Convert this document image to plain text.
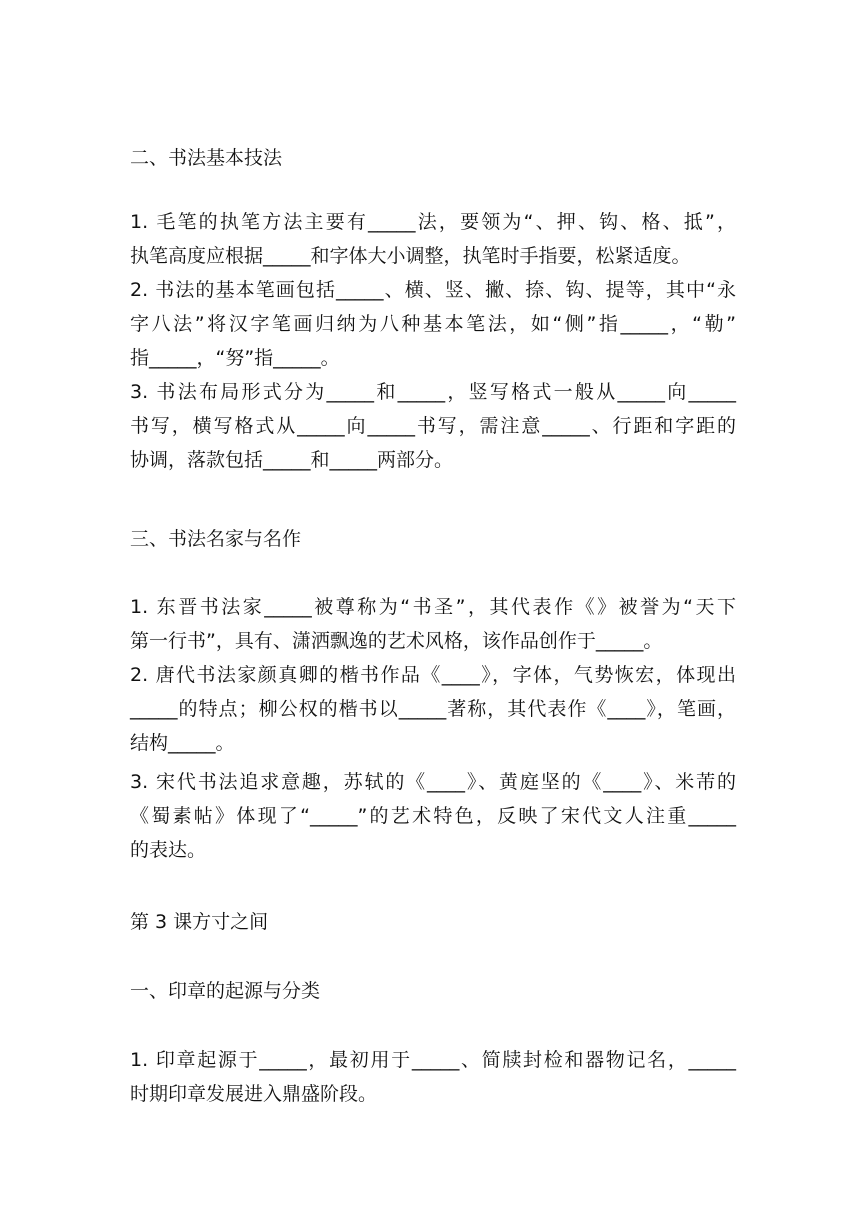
二、书法基本技法
1. 毛笔的执笔方法主要有_____法，要领为“、押、钩、格、抵”，
执笔高度应根据_____和字体大小调整，执笔时手指要，松紧适度。
2. 书法的基本笔画包括_____、横、竖、撇、捺、钩、提等，其中“永
字八法”将汉字笔画归纳为八种基本笔法，如“侧”指_____，“勒”
指_____，“努”指_____。
3. 书法布局形式分为_____和_____，竖写格式一般从_____向_____
书写，横写格式从_____向_____书写，需注意_____、行距和字距的
协调，落款包括_____和_____两部分。
三、书法名家与名作
1. 东晋书法家_____被尊称为“书圣”，其代表作《》被誉为“天下
第一行书”，具有、潇洒飘逸的艺术风格，该作品创作于_____。
2. 唐代书法家颜真卿的楷书作品《____》，字体，气势恢宏，体现出
_____的特点；柳公权的楷书以_____著称，其代表作《____》，笔画，
结构_____。
3. 宋代书法追求意趣，苏轼的《____》、黄庭坚的《____》、米芾的
《蜀素帖》体现了“_____”的艺术特色，反映了宋代文人注重_____
的表达。
第 3 课方寸之间
一、印章的起源与分类
1. 印章起源于_____，最初用于_____、简牍封检和器物记名，_____
时期印章发展进入鼎盛阶段。
